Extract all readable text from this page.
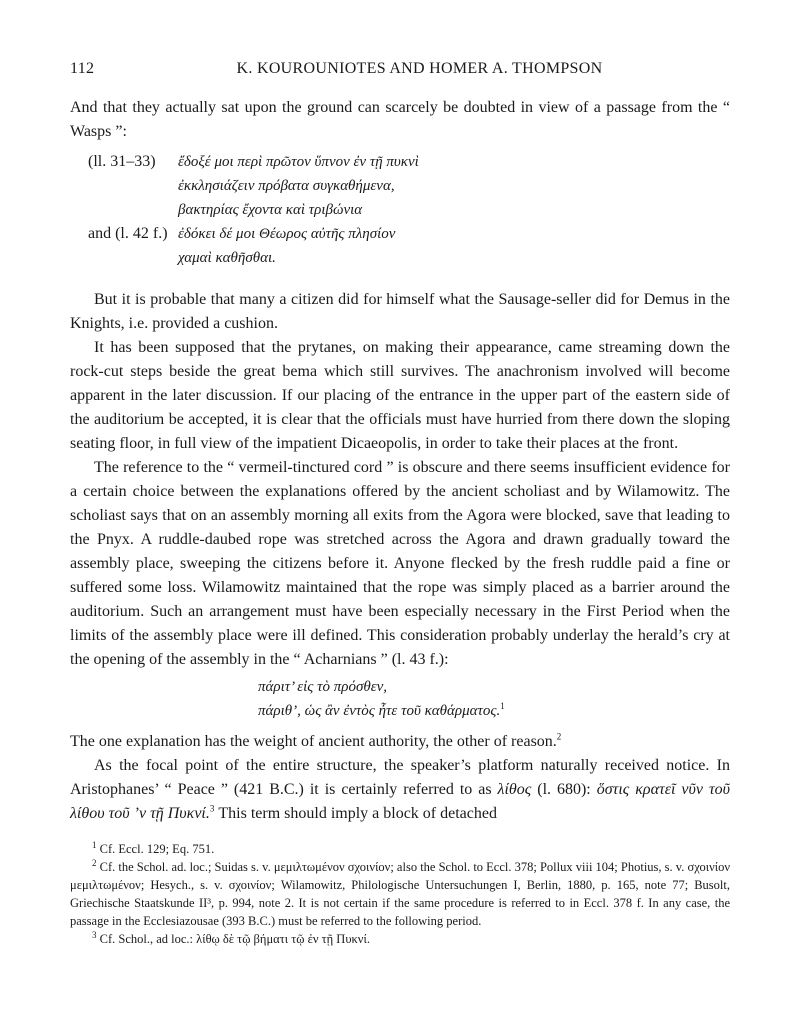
112	K. KOUROUNIOTES AND HOMER A. THOMPSON

And that they actually sat upon the ground can scarcely be doubted in view of a passage from the “ Wasps ”:

(ll. 31–33) ἔδοξέ μοι περὶ πρῶτον ὕπνον ἐν τῇ πυκνὶ
ἐκκλησιάζειν πρόβατα συγκαθήμενα,
βακτηρίας ἔχοντα καὶ τριβώνια
and (l. 42 f.) ἐδόκει δέ μοι Θέωρος αὐτῆς πλησίον
χαμαὶ καθῆσθαι.

But it is probable that many a citizen did for himself what the Sausage-seller did for Demus in the Knights, i.e. provided a cushion.

It has been supposed that the prytanes, on making their appearance, came streaming down the rock-cut steps beside the great bema which still survives. The anachronism involved will become apparent in the later discussion. If our placing of the entrance in the upper part of the eastern side of the auditorium be accepted, it is clear that the officials must have hurried from there down the sloping seating floor, in full view of the impatient Dicaeopolis, in order to take their places at the front.

The reference to the “ vermeil-tinctured cord ” is obscure and there seems insufficient evidence for a certain choice between the explanations offered by the ancient scholiast and by Wilamowitz. The scholiast says that on an assembly morning all exits from the Agora were blocked, save that leading to the Pnyx. A ruddle-daubed rope was stretched across the Agora and drawn gradually toward the assembly place, sweeping the citizens before it. Anyone flecked by the fresh ruddle paid a fine or suffered some loss. Wilamowitz maintained that the rope was simply placed as a barrier around the auditorium. Such an arrangement must have been especially necessary in the First Period when the limits of the assembly place were ill defined. This consideration probably underlay the herald’s cry at the opening of the assembly in the “ Acharnians ” (l. 43 f.):

πάριτ’ εἰς τὸ πρόσθεν,
πάριθ’, ὡς ἂν ἐντὸς ἦτε τοῦ καθάρματος.$^1$

The one explanation has the weight of ancient authority, the other of reason.$^2$

As the focal point of the entire structure, the speaker’s platform naturally received notice. In Aristophanes’ “ Peace ” (421 B.C.) it is certainly referred to as λίθος (l. 680): ὅστις κρατεῖ νῦν τοῦ λίθου τοῦ ’ν τῇ Πυκνί.$^3$ This term should imply a block of detached

$^1$ Cf. Eccl. 129; Eq. 751.

$^2$ Cf. the Schol. ad. loc.; Suidas s. v. μεμιλτωμένον σχοινίον; also the Schol. to Eccl. 378; Pollux viii 104; Photius, s. v. σχοινίον μεμιλτωμένον; Hesych., s. v. σχοινίον; Wilamowitz, Philologische Untersuchungen I, Berlin, 1880, p. 165, note 77; Busolt, Griechische Staatskunde II³, p. 994, note 2. It is not certain if the same procedure is referred to in Eccl. 378 f. In any case, the passage in the Ecclesiazousae (393 B.C.) must be referred to the following period.

$^3$ Cf. Schol., ad loc.: λίθῳ δὲ τῷ βήματι τῷ ἐν τῇ Πυκνί.
